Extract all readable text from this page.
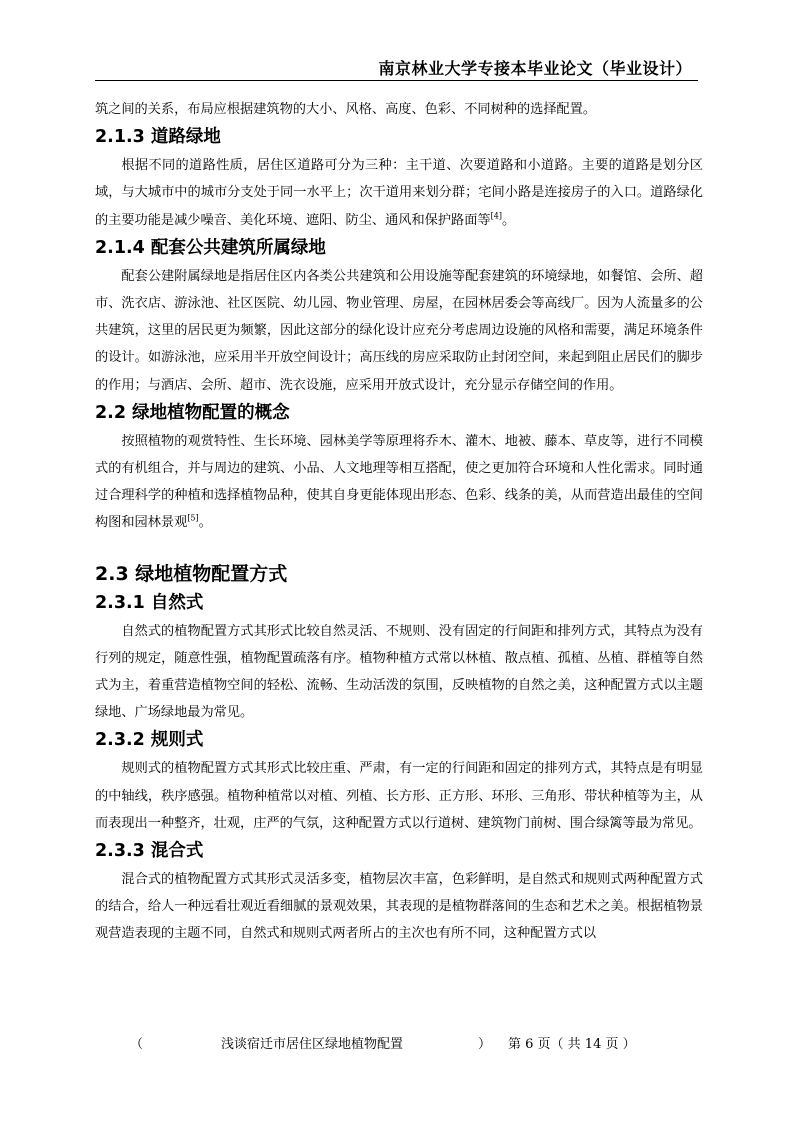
南京林业大学专接本毕业论文（毕业设计）

筑之间的关系，布局应根据建筑物的大小、风格、高度、色彩、不同树种的选择配置。

2.1.3 道路绿地

根据不同的道路性质，居住区道路可分为三种：主干道、次要道路和小道路。主要的道路是划分区域，与大城市中的城市分支处于同一水平上；次干道用来划分群；宅间小路是连接房子的入口。道路绿化的主要功能是减少噪音、美化环境、遮阳、防尘、通风和保护路面等[4]。

2.1.4 配套公共建筑所属绿地

配套公建附属绿地是指居住区内各类公共建筑和公用设施等配套建筑的环境绿地，如餐馆、会所、超市、洗衣店、游泳池、社区医院、幼儿园、物业管理、房屋，在园林居委会等高线厂。因为人流量多的公共建筑，这里的居民更为频繁，因此这部分的绿化设计应充分考虑周边设施的风格和需要，满足环境条件的设计。如游泳池，应采用半开放空间设计；高压线的房应采取防止封闭空间，来起到阻止居民们的脚步的作用；与酒店、会所、超市、洗衣设施，应采用开放式设计，充分显示存储空间的作用。

2.2 绿地植物配置的概念

按照植物的观赏特性、生长环境、园林美学等原理将乔木、灌木、地被、藤本、草皮等，进行不同模式的有机组合，并与周边的建筑、小品、人文地理等相互搭配，使之更加符合环境和人性化需求。同时通过合理科学的种植和选择植物品种，使其自身更能体现出形态、色彩、线条的美，从而营造出最佳的空间构图和园林景观[5]。

2.3 绿地植物配置方式
2.3.1 自然式

自然式的植物配置方式其形式比较自然灵活、不规则、没有固定的行间距和排列方式，其特点为没有行列的规定，随意性强，植物配置疏落有序。植物种植方式常以林植、散点植、孤植、丛植、群植等自然式为主，着重营造植物空间的轻松、流畅、生动活泼的氛围，反映植物的自然之美，这种配置方式以主题绿地、广场绿地最为常见。

2.3.2 规则式

规则式的植物配置方式其形式比较庄重、严肃，有一定的行间距和固定的排列方式，其特点是有明显的中轴线，秩序感强。植物种植常以对植、列植、长方形、正方形、环形、三角形、带状种植等为主，从而表现出一种整齐，壮观，庄严的气氛，这种配置方式以行道树、建筑物门前树、围合绿篱等最为常见。

2.3.3 混合式

混合式的植物配置方式其形式灵活多变，植物层次丰富，色彩鲜明，是自然式和规则式两种配置方式的结合，给人一种远看壮观近看细腻的景观效果，其表现的是植物群落间的生态和艺术之美。根据植物景观营造表现的主题不同，自然式和规则式两者所占的主次也有所不同，这种配置方式以

（	浅谈宿迁市居住区绿地植物配置	） 第 6 页（ 共 14 页 ）
